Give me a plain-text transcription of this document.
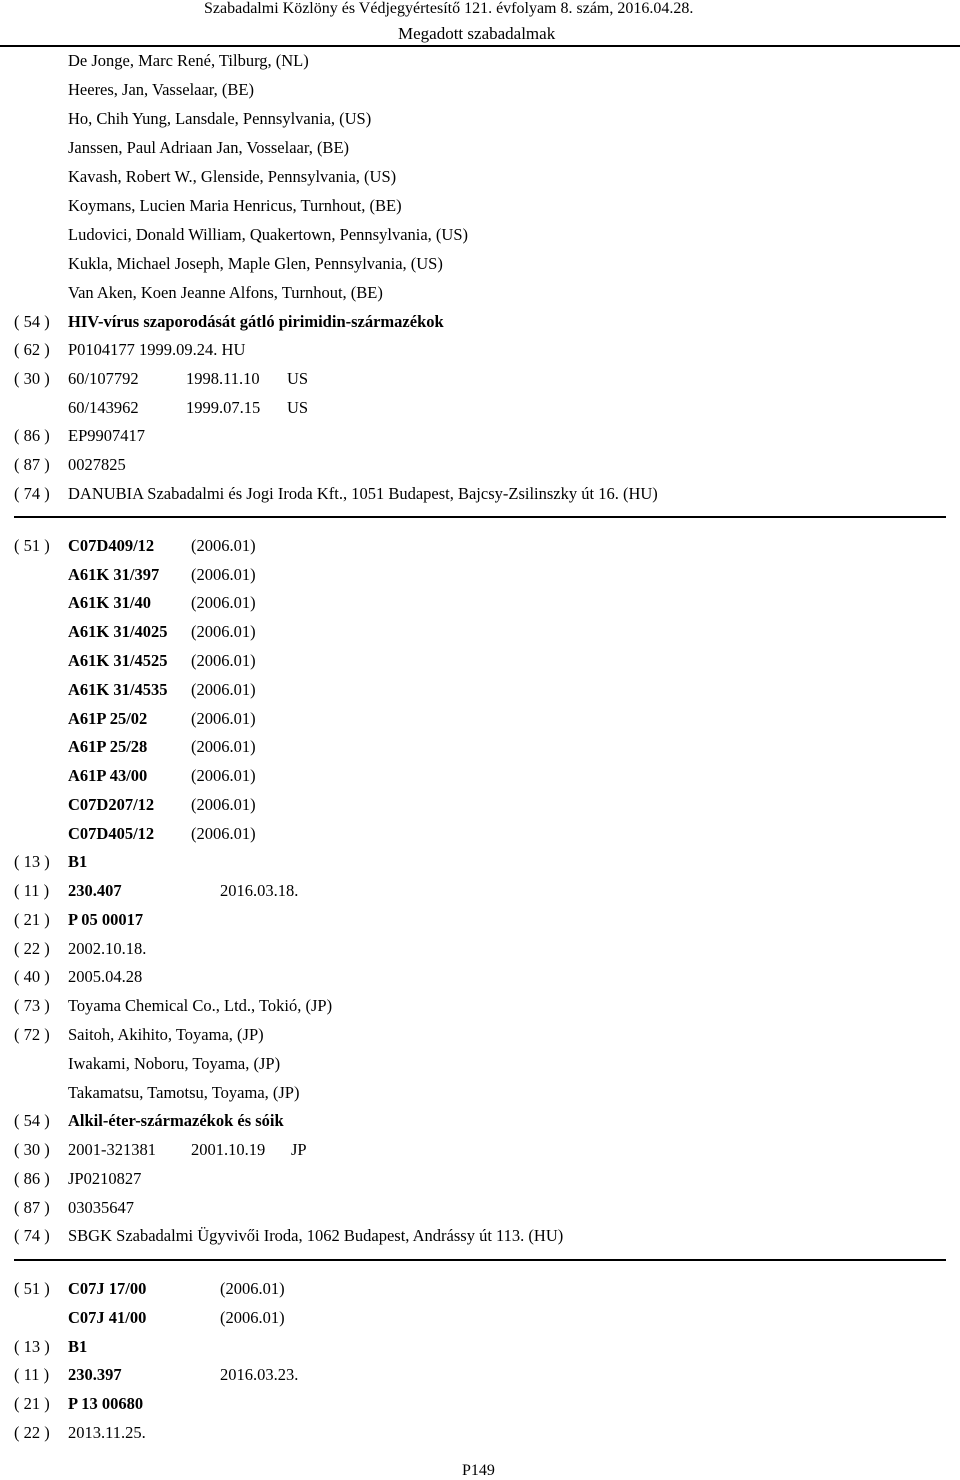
Szabadalmi Közlöny és Védjegyértesítő 121. évfolyam 8. szám, 2016.04.28.
Megadott szabadalmak
De Jonge, Marc René, Tilburg, (NL)
Heeres, Jan, Vasselaar, (BE)
Ho, Chih Yung, Lansdale, Pennsylvania, (US)
Janssen, Paul Adriaan Jan, Vosselaar, (BE)
Kavash, Robert W., Glenside, Pennsylvania, (US)
Koymans, Lucien Maria Henricus, Turnhout, (BE)
Ludovici, Donald William, Quakertown, Pennsylvania, (US)
Kukla, Michael Joseph, Maple Glen, Pennsylvania, (US)
Van Aken, Koen Jeanne Alfons, Turnhout, (BE)
( 54 ) HIV-vírus szaporodását gátló pirimidin-származékok
( 62 ) P0104177 1999.09.24. HU
( 30 ) 60/107792	1998.11.10 US
60/143962	1999.07.15 US
( 86 ) EP9907417
( 87 ) 0027825
( 74 ) DANUBIA Szabadalmi és Jogi Iroda Kft., 1051 Budapest, Bajcsy-Zsilinszky út 16. (HU)
( 51 ) C07D409/12 (2006.01)
A61K 31/397 (2006.01)
A61K 31/40 (2006.01)
A61K 31/4025 (2006.01)
A61K 31/4525 (2006.01)
A61K 31/4535 (2006.01)
A61P 25/02	(2006.01)
A61P 25/28	(2006.01)
A61P 43/00	(2006.01)
C07D207/12 (2006.01)
C07D405/12 (2006.01)
( 13 ) B1
( 11 ) 230.407	2016.03.18.
( 21 ) P 05 00017
( 22 ) 2002.10.18.
( 40 ) 2005.04.28
( 73 ) Toyama Chemical Co., Ltd., Tokió, (JP)
( 72 ) Saitoh, Akihito, Toyama, (JP)
Iwakami, Noboru, Toyama, (JP)
Takamatsu, Tamotsu, Toyama, (JP)
( 54 ) Alkil-éter-származékok és sóik
( 30 ) 2001-321381 2001.10.19 JP
( 86 ) JP0210827
( 87 ) 03035647
( 74 ) SBGK Szabadalmi Ügyvivői Iroda, 1062 Budapest, Andrássy út 113. (HU)
( 51 ) C07J 17/00	(2006.01)
C07J 41/00	(2006.01)
( 13 ) B1
( 11 ) 230.397	2016.03.23.
( 21 ) P 13 00680
( 22 ) 2013.11.25.
P149
